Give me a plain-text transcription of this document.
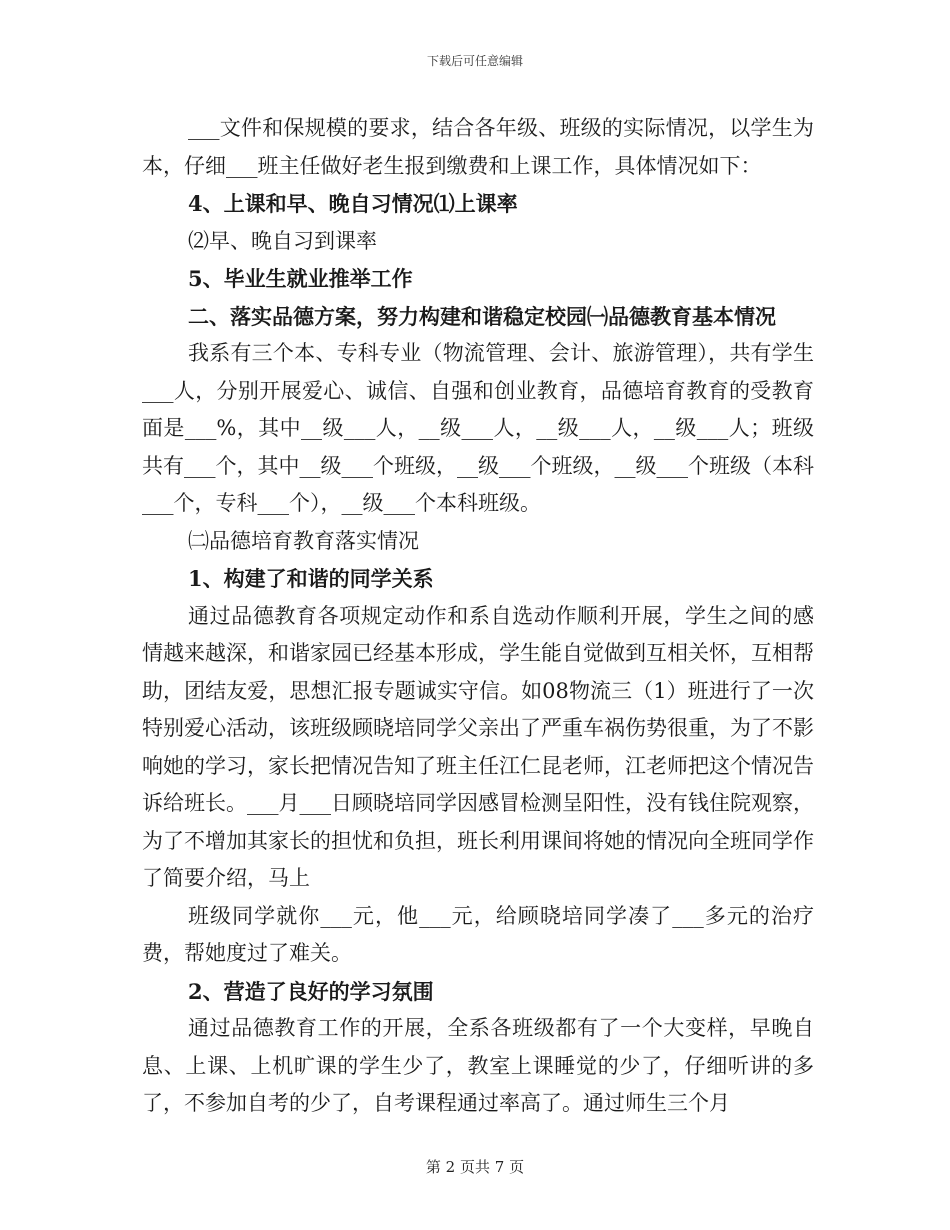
下载后可任意编辑

___文件和保规模的要求，结合各年级、班级的实际情况，以学生为本，仔细___班主任做好老生报到缴费和上课工作，具体情况如下：

4、上课和早、晚自习情况⑴上课率

⑵早、晚自习到课率

5、毕业生就业推举工作

二、落实品德方案，努力构建和谐稳定校园㈠品德教育基本情况

我系有三个本、专科专业（物流管理、会计、旅游管理），共有学生___人，分别开展爱心、诚信、自强和创业教育，品德培育教育的受教育面是___%，其中__级___人，__级___人，__级___人，__级___人；班级共有___个，其中__级___个班级，__级___个班级，__级___个班级（本科___个，专科___个），__级___个本科班级。

㈡品德培育教育落实情况

1、构建了和谐的同学关系

通过品德教育各项规定动作和系自选动作顺利开展，学生之间的感情越来越深，和谐家园已经基本形成，学生能自觉做到互相关怀，互相帮助，团结友爱，思想汇报专题诚实守信。如08物流三（1）班进行了一次特别爱心活动，该班级顾晓培同学父亲出了严重车祸伤势很重，为了不影响她的学习，家长把情况告知了班主任江仁昆老师，江老师把这个情况告诉给班长。___月___日顾晓培同学因感冒检测呈阳性，没有钱住院观察，为了不增加其家长的担忧和负担，班长利用课间将她的情况向全班同学作了简要介绍，马上

班级同学就你___元，他___元，给顾晓培同学凑了___多元的治疗费，帮她度过了难关。

2、营造了良好的学习氛围

通过品德教育工作的开展，全系各班级都有了一个大变样，早晚自息、上课、上机旷课的学生少了，教室上课睡觉的少了，仔细听讲的多了，不参加自考的少了，自考课程通过率高了。通过师生三个月

第 2 页共 7 页
